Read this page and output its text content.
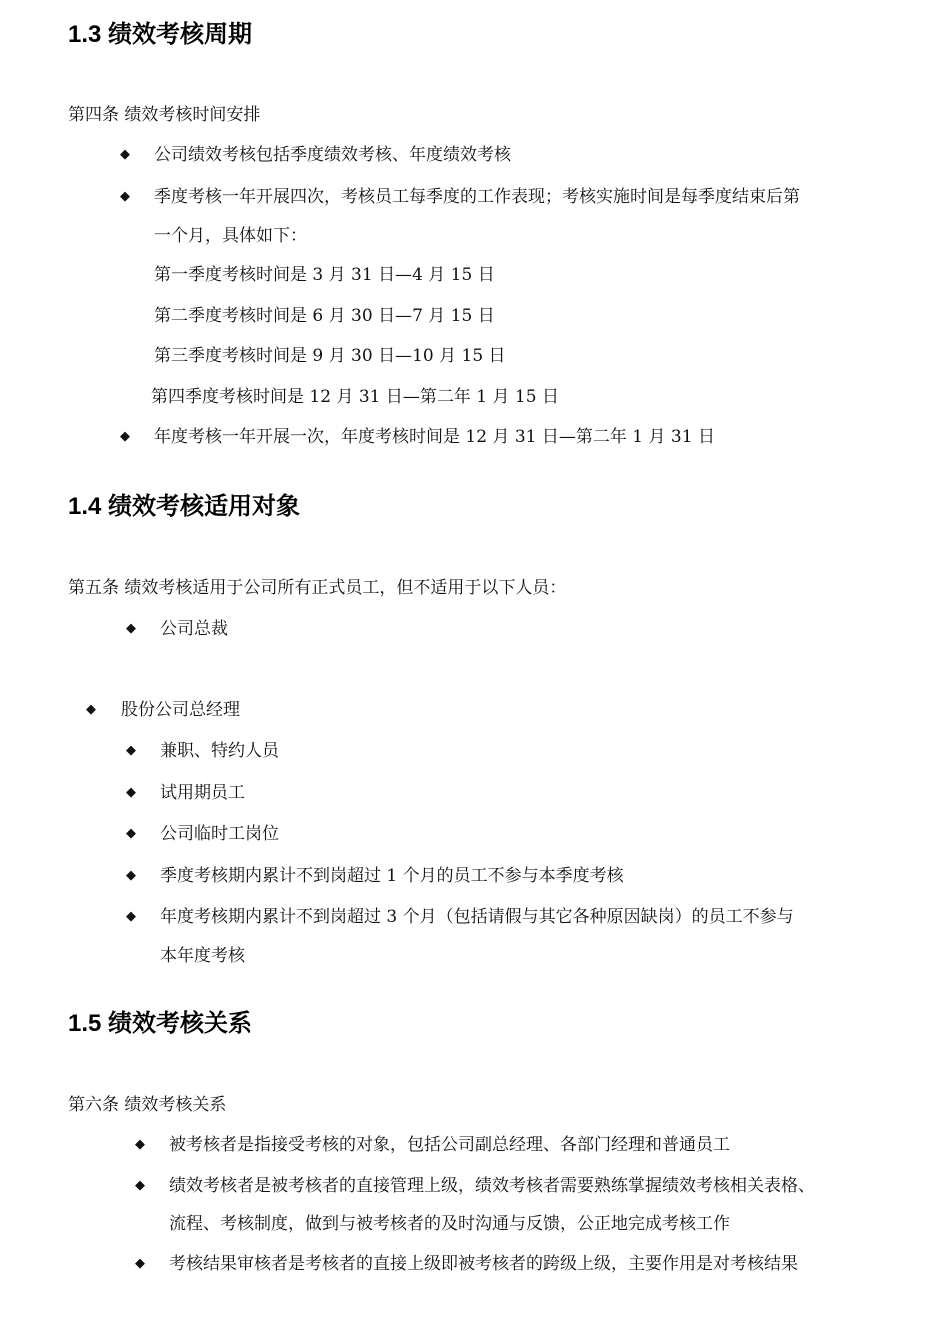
1.3 绩效考核周期
第四条 绩效考核时间安排
◆ 公司绩效考核包括季度绩效考核、年度绩效考核
◆ 季度考核一年开展四次，考核员工每季度的工作表现；考核实施时间是每季度结束后第
一个月，具体如下：
第一季度考核时间是 3 月 31 日—4 月 15 日
第二季度考核时间是 6 月 30 日—7 月 15 日
第三季度考核时间是 9 月 30 日—10 月 15 日
第四季度考核时间是 12 月 31 日—第二年 1 月 15 日
◆ 年度考核一年开展一次，年度考核时间是 12 月 31 日—第二年 1 月 31 日
1.4 绩效考核适用对象
第五条 绩效考核适用于公司所有正式员工，但不适用于以下人员：
◆ 公司总裁
◆ 股份公司总经理
◆ 兼职、特约人员
◆ 试用期员工
◆ 公司临时工岗位
◆ 季度考核期内累计不到岗超过 1 个月的员工不参与本季度考核
◆ 年度考核期内累计不到岗超过 3 个月（包括请假与其它各种原因缺岗）的员工不参与
本年度考核
1.5 绩效考核关系
第六条 绩效考核关系
◆ 被考核者是指接受考核的对象，包括公司副总经理、各部门经理和普通员工
◆ 绩效考核者是被考核者的直接管理上级，绩效考核者需要熟练掌握绩效考核相关表格、
流程、考核制度，做到与被考核者的及时沟通与反馈，公正地完成考核工作
◆ 考核结果审核者是考核者的直接上级即被考核者的跨级上级，主要作用是对考核结果
